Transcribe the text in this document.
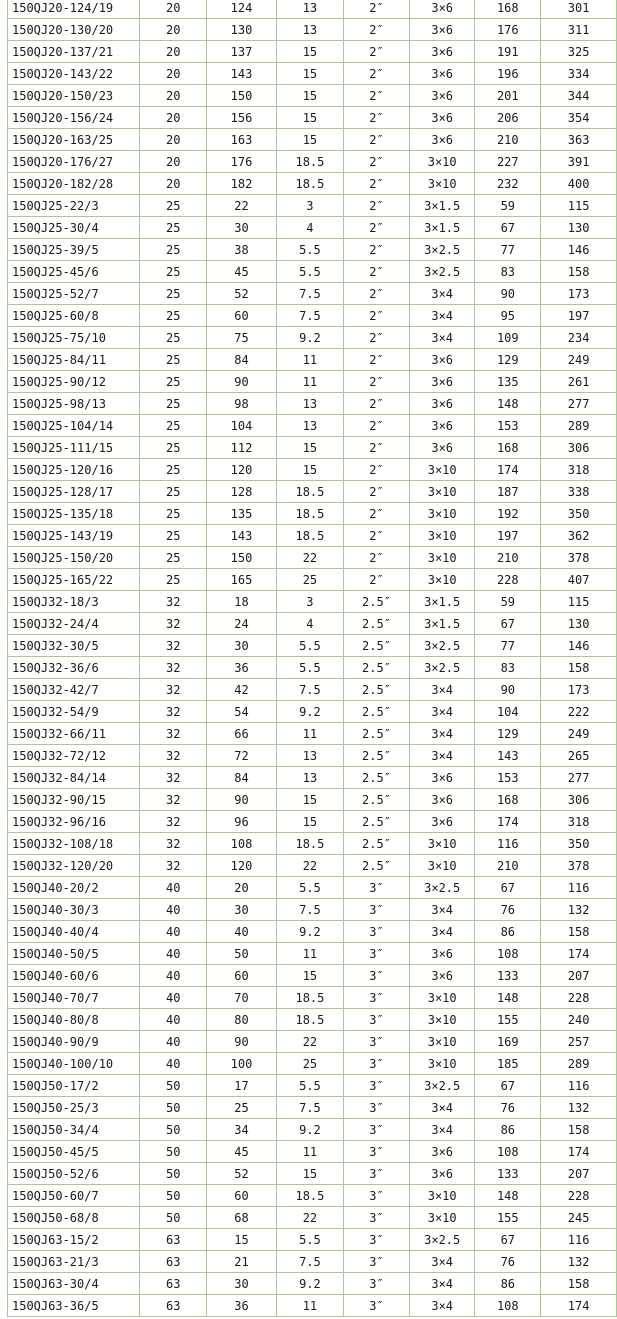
150QJ20-124/19	20	124	13	2″	3×6	168	301
150QJ20-130/20	20	130	13	2″	3×6	176	311
150QJ20-137/21	20	137	15	2″	3×6	191	325
150QJ20-143/22	20	143	15	2″	3×6	196	334
150QJ20-150/23	20	150	15	2″	3×6	201	344
150QJ20-156/24	20	156	15	2″	3×6	206	354
150QJ20-163/25	20	163	15	2″	3×6	210	363
150QJ20-176/27	20	176	18.5	2″	3×10	227	391
150QJ20-182/28	20	182	18.5	2″	3×10	232	400
150QJ25-22/3	25	22	3	2″	3×1.5	59	115
150QJ25-30/4	25	30	4	2″	3×1.5	67	130
150QJ25-39/5	25	38	5.5	2″	3×2.5	77	146
150QJ25-45/6	25	45	5.5	2″	3×2.5	83	158
150QJ25-52/7	25	52	7.5	2″	3×4	90	173
150QJ25-60/8	25	60	7.5	2″	3×4	95	197
150QJ25-75/10	25	75	9.2	2″	3×4	109	234
150QJ25-84/11	25	84	11	2″	3×6	129	249
150QJ25-90/12	25	90	11	2″	3×6	135	261
150QJ25-98/13	25	98	13	2″	3×6	148	277
150QJ25-104/14	25	104	13	2″	3×6	153	289
150QJ25-111/15	25	112	15	2″	3×6	168	306
150QJ25-120/16	25	120	15	2″	3×10	174	318
150QJ25-128/17	25	128	18.5	2″	3×10	187	338
150QJ25-135/18	25	135	18.5	2″	3×10	192	350
150QJ25-143/19	25	143	18.5	2″	3×10	197	362
150QJ25-150/20	25	150	22	2″	3×10	210	378
150QJ25-165/22	25	165	25	2″	3×10	228	407
150QJ32-18/3	32	18	3	2.5″	3×1.5	59	115
150QJ32-24/4	32	24	4	2.5″	3×1.5	67	130
150QJ32-30/5	32	30	5.5	2.5″	3×2.5	77	146
150QJ32-36/6	32	36	5.5	2.5″	3×2.5	83	158
150QJ32-42/7	32	42	7.5	2.5″	3×4	90	173
150QJ32-54/9	32	54	9.2	2.5″	3×4	104	222
150QJ32-66/11	32	66	11	2.5″	3×4	129	249
150QJ32-72/12	32	72	13	2.5″	3×4	143	265
150QJ32-84/14	32	84	13	2.5″	3×6	153	277
150QJ32-90/15	32	90	15	2.5″	3×6	168	306
150QJ32-96/16	32	96	15	2.5″	3×6	174	318
150QJ32-108/18	32	108	18.5	2.5″	3×10	116	350
150QJ32-120/20	32	120	22	2.5″	3×10	210	378
150QJ40-20/2	40	20	5.5	3″	3×2.5	67	116
150QJ40-30/3	40	30	7.5	3″	3×4	76	132
150QJ40-40/4	40	40	9.2	3″	3×4	86	158
150QJ40-50/5	40	50	11	3″	3×6	108	174
150QJ40-60/6	40	60	15	3″	3×6	133	207
150QJ40-70/7	40	70	18.5	3″	3×10	148	228
150QJ40-80/8	40	80	18.5	3″	3×10	155	240
150QJ40-90/9	40	90	22	3″	3×10	169	257
150QJ40-100/10	40	100	25	3″	3×10	185	289
150QJ50-17/2	50	17	5.5	3″	3×2.5	67	116
150QJ50-25/3	50	25	7.5	3″	3×4	76	132
150QJ50-34/4	50	34	9.2	3″	3×4	86	158
150QJ50-45/5	50	45	11	3″	3×6	108	174
150QJ50-52/6	50	52	15	3″	3×6	133	207
150QJ50-60/7	50	60	18.5	3″	3×10	148	228
150QJ50-68/8	50	68	22	3″	3×10	155	245
150QJ63-15/2	63	15	5.5	3″	3×2.5	67	116
150QJ63-21/3	63	21	7.5	3″	3×4	76	132
150QJ63-30/4	63	30	9.2	3″	3×4	86	158
150QJ63-36/5	63	36	11	3″	3×4	108	174
